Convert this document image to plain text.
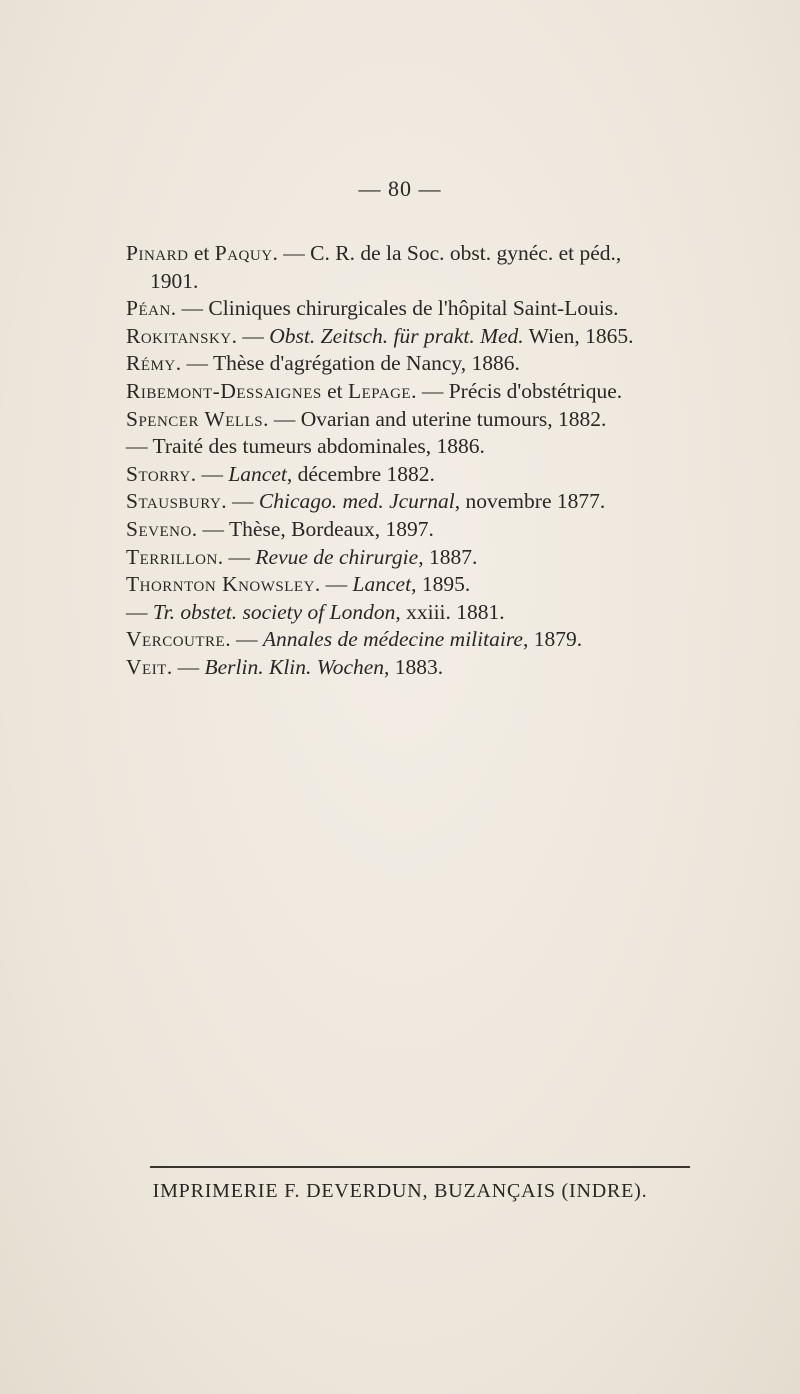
— 80 —

Pinard et Paquy. — C. R. de la Soc. obst. gynéc. et péd.,

1901.

Péan. — Cliniques chirurgicales de l'hôpital Saint-Louis.

Rokitansky. — Obst. Zeitsch. für prakt. Med. Wien, 1865.

Rémy. — Thèse d'agrégation de Nancy, 1886.

Ribemont-Dessaignes et Lepage. — Précis d'obstétrique.

Spencer Wells. — Ovarian and uterine tumours, 1882.

— Traité des tumeurs abdominales, 1886.

Storry. — Lancet, décembre 1882.

Stausbury. — Chicago. med. Jcurnal, novembre 1877.

Seveno. — Thèse, Bordeaux, 1897.

Terrillon. — Revue de chirurgie, 1887.

Thornton Knowsley. — Lancet, 1895.

— Tr. obstet. society of London, xxiii. 1881.

Vercoutre. — Annales de médecine militaire, 1879.

Veit. — Berlin. Klin. Wochen, 1883.

IMPRIMERIE F. DEVERDUN, BUZANÇAIS (INDRE).
